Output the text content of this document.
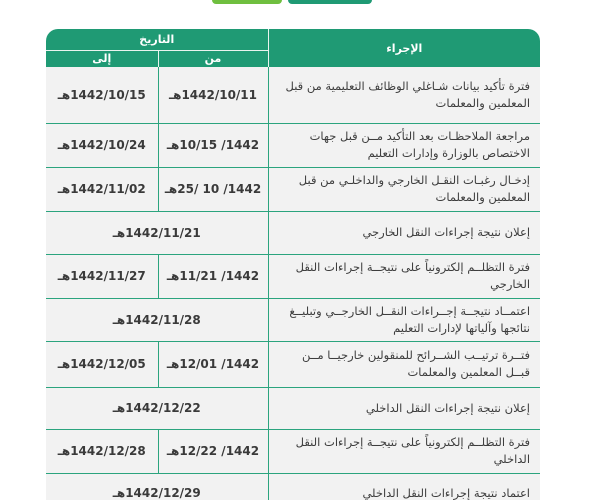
الإجراء	التاريخ	
	من	إلى
فترة تأكيد بيانات شـاغلي الوظائف التعليمية من قبل المعلمين والمعلمات	1442/10/11هـ	1442/10/15هـ
مراجعة الملاحظـات بعد التأكيد مــن قبل جهات الاختصاص بالوزارة وإدارات التعليم	1442/ 10/15هـ	1442/10/24هـ
إدخـال رغبـات النقـل الخارجي والداخلـي من قبل المعلمين والمعلمات	1442/ 10 /25هـ	1442/11/02هـ
إعلان نتيجة إجراءات النقل الخارجي	1442/11/21هـ	
فترة التظلــم إلكترونياً على نتيجــة إجراءات النقل الخارجي	1442/ 11/21هـ	1442/11/27هـ
اعتمــاد نتيجــة إجــراءات النقــل الخارجــي وتبليــغ نتائجها وآلياتها لإدارات التعليم	1442/11/28هـ	
فتــرة ترتيــب الشــرائح للمنقولين خارجيــا مــن قبــل المعلمين والمعلمات	1442/ 12/01هـ	1442/12/05هـ
إعلان نتيجة إجراءات النقل الداخلي	1442/12/22هـ	
فترة التظلــم إلكترونياً على نتيجــة إجراءات النقل الداخلي	1442/ 12/22هـ	1442/12/28هـ
اعتماد نتيجة إجراءات النقل الداخلي	1442/12/29هـ	
